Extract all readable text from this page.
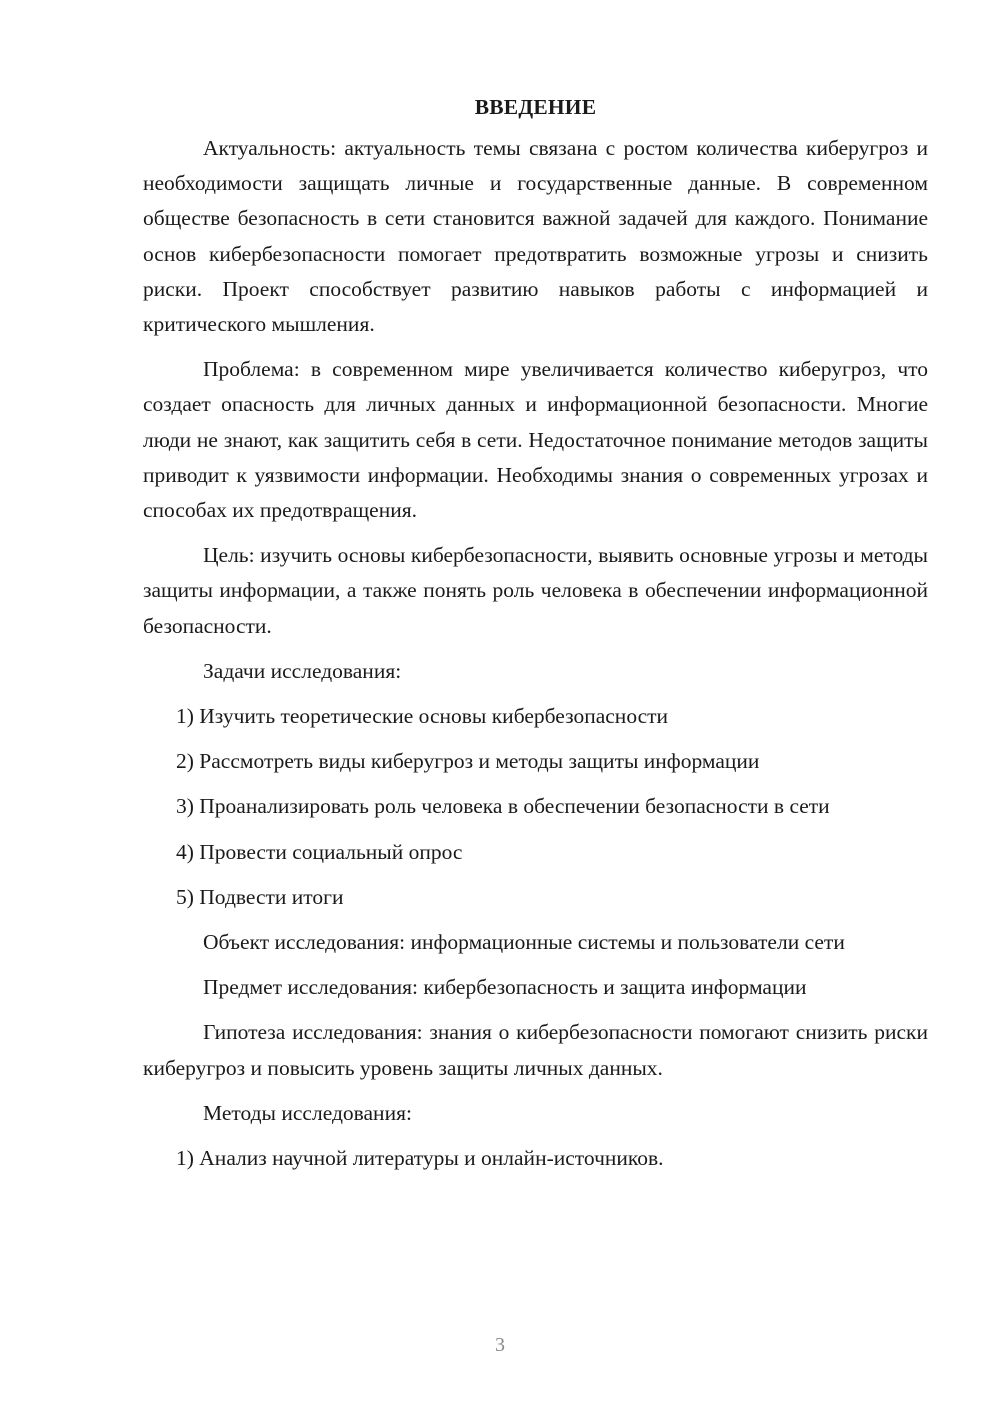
ВВЕДЕНИЕ

Актуальность: актуальность темы связана с ростом количества киберугроз и необходимости защищать личные и государственные данные. В современном обществе безопасность в сети становится важной задачей для каждого. Понимание основ кибербезопасности помогает предотвратить возможные угрозы и снизить риски. Проект способствует развитию навыков работы с информацией и критического мышления.

Проблема: в современном мире увеличивается количество киберугроз, что создает опасность для личных данных и информационной безопасности. Многие люди не знают, как защитить себя в сети. Недостаточное понимание методов защиты приводит к уязвимости информации. Необходимы знания о современных угрозах и способах их предотвращения.

Цель: изучить основы кибербезопасности, выявить основные угрозы и методы защиты информации, а также понять роль человека в обеспечении информационной безопасности.

Задачи исследования:

1) Изучить теоретические основы кибербезопасности

2) Рассмотреть виды киберугроз и методы защиты информации

3) Проанализировать роль человека в обеспечении безопасности в сети

4) Провести социальный опрос

5) Подвести итоги

Объект исследования: информационные системы и пользователи сети

Предмет исследования: кибербезопасность и защита информации

Гипотеза исследования: знания о кибербезопасности помогают снизить риски киберугроз и повысить уровень защиты личных данных.

Методы исследования:

1) Анализ научной литературы и онлайн-источников.

3
